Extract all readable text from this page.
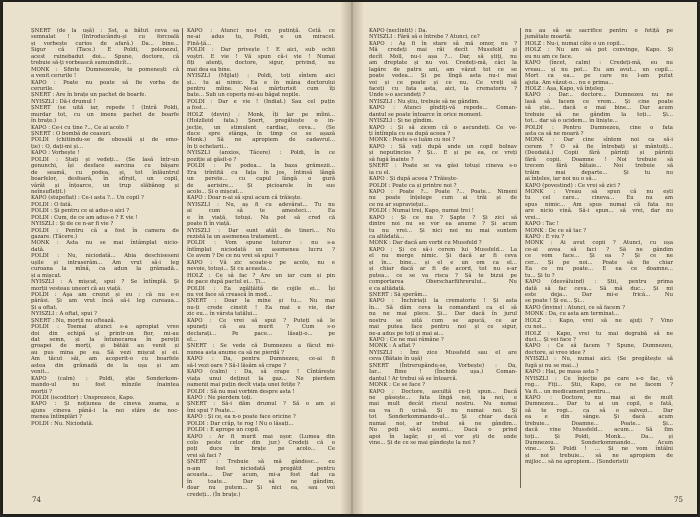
ȘNERT (de la ușă) : Sst, a bătut ceva sa
semnalat ! (Introducându-și cu forcoală
și vorbește curios de afară.) Da... bine...
Sigur că (Tace.) E Poldi, polonezul,
acest ruinebadut doi... Spune, doctore, că
trebuie să-ți vorbească sumuindicît...
MONK : Sfinte Dumnezeule, te pomenești că
a venit cerurile !
KAPO : Poate nu poate să fie vorba de
cerurile.
ȘNERT : Are în brațe un pachet de boarfe.
NYISZLI : Dă-i drumul !
ȘNERT (se uită iar, repede ! (Intră Poldi,
murdar tot, cu un imens pachet de boarfe
în brațe.)
KAPO : Ce-i cu tine ?... Ce ai acolo ?
ȘNERT : O bombă de ceasuri.
POLDI (chitiindu-se de obosală și de emo-
ție) : O, dați-mi și...
KAPO : Vorbește !
POLDI : Stați și vedeți... (Se lasă într-un
genunchi, își desface sarcina cu bășare
de seamă, cu podea, și, tot înlăuntrul
boarfelor, desfoară, în sfîrșit, un copil,
vârât și înțoarce, un trup slăbănog și
neînsuflețit.)
KAPO (stupefiat) : Ce-i asta ?... Un copil ?
POLDI : O fată.
POLDI : Și pentru ce ai adus-o aici ?
POLDI : Cum, de ce am adus-o ? E vie !
NYISZLI : Și de ce n-ar fi vie ?
POLDI : Pentru că a fost în camera de
gazare. (Tăcere.)
MONK : Asta nu se mai întâmplat nicio-
dată.
POLDI : Nu, niciodată... Abia deschiseseni
ușile și intraserăm... Am vrut să-i leg
curoana la mînă, ca adun la grămadă...
și a mișcat.
NYISZLI : A mișcat, spui ? Se întîmplă. Și
morții vesteau uneori că au viață.
POLDI : Aşa am crezut și eu : că nu e-o
pârăsi. Și am vrut încă să-i leg cureaua...
Și a oftat.
NYISZLI : A oftat, spui ?
ȘNERT : Nu, morții nu oftează.
POLDI : Toemai atunci s-a apropiat vreo
doi din echipă și printr-un fior, mi-au
dat semn, și la întunecarea în pereții
groapei de morți, și bătăii au venit și
au pus mina pe ea. Să vezi mișcat și ei.
Am tăcut săi, am acoperit-o cu boarfele
astea din grămadă de la ușa și am
venit...
KAPO (calm) : Poldi, știe Sonderkom-
mando-ul nu fost mînzile înaintea
morții ?
POLDI (iscoditor) : Unsprezece, Kapo.
KAPO : Și noțiunea de cineva zeama, a
ajuns cineva până-i la noi stăre de noc-
menea întîmplări ?
POLDI : Nu. Niciodată.
KAPO : Atunci nu-i co putință. Cetă ce
ne-ai adus tu, Poldi, e un miracol.
Fină-ță...
POLDI : Dar privește ! E aici, sub ochii
voștri. E vie ! Vă spun că-i vie ! Numai
fiți atenți, doctore, sigur, privind, nu
mai dea ea bine.
NYISZLI (Mijlat) : Poldi, toți sîntem aici
și... tu ai nimic. Ea e în mâna doctorului
pentru mîine. Ne-ai mărturisit cum îți
bate... Sub un coperiș mi-au băgat nopile.
POLDI : Dar e vie ! (Indiat.) Sau cel puțin
a fost...
HOLZ (devin) : Monk, îți lar pe mîini...
(Holzlleid fata.) Șnert, pregătește o in-
jecție, un stimulent cardiac, ceva... (Se
duce spre stânga, în timp ce se așază
Monk.) Să ne apropiem de cadavrul...
în ți ochelarii...
NYISZLI (anxios, Tăcere) : Poldi, în ce
poziție ai găsit-o ?
POLDI : Pe podea... la baza grămezii...
Era trîntită cu fața în jos, întinsă lângă
un perete... cu capul lângă o gură
de aerisire... Și picioarele în sus
acolo... Și o mișcat...
KAPO : Doar n-ai să spui acum că trăiește.
NYISZLI : Nu, aș fi cu adevărat... Tu nu
ai cum să te amesteci... Ea
e în viață, totuși. Nu pot să cred că
poate fi în viață.
NYISZLI : Dar sunt atât de tineri... Nu
rezistă la un asemenea tratament...
POLDI : Vom spune tuturor : nu s-a
întîmplat niciodată un asemenea lucru ?
Ce avem ? De ce nu vrei să spui ?
KAPO : Vă zic scoate-o pe acolo, nu e
nevoie, totuși... Și cu aceasta...
HOLZ : Ce să fac ? Are un iar cum și pin
de pace după pactul ei... Ți...
POLDI : Ea zgâlțâită de cojile ei... Își
nu voi face să crească în mod...
ȘNERT : Doar la mine și tu... Nu mai
nu-ți crede cinstit ! Ea mai e vie, dar
zic eu... în vârsta tatălui...
KAPO : Ce vrei să spui ? Puteți să le
spuneți că au murit ? Cum s-o
declarați... Pe pace... lăsați-o... pe
el...
ȘNERT : Se vede că Dumnezeu a făcut mi-
nunea asta anume ca să ne pierdă ?
KAPO : Da, pentru Dumnezeu, ce-ai fi
să-l vezi oare ? Să-l lăsăm să crape ?
KAPO (calm) : Da, să crape ! Cîntărește
viața unui deținut la gaz... Ne pierdem
oamenii mai puțin decît viața unei fetițe ?
POLDI : Să nu mai vorbim despre asta !
KAPO : Ne pierdem toți.
ȘNERT : Să-i dăm drumul ? Să o am și
îmi spui ? Poate...
KAPO : Și ce, ea n-o poate face oricine ?
POLDI : Dar crăp, te rog ! Nu o lăsați...
POLDI : E aprope un copil.
KAPO : Ar fi murit mai ușor. (Lumea din
colo peste celor din jur.) Credeți că o
poți duce în brațe pe acolo... Ce
vrei să faci ?
ȘNERT : Trebuie să mă gândesc... eu
n-am fost niciodată pregătit pentru
aceasta... Dar acum, mi-a fost dat ca
în toate... Dar să ne gândim,
doar nu putem... Și nici ea, sau voi
credeți... (În brațe.)
74
KAPO (neclintit) : Da.
NYISZLI : Fără să o întrebe ? Atunci, ce?
KAPO : Aș fi în stare să mă omor, nu ?
Mă credeți mai răi decît Mussfeld și
decît Moll, nu-i așa ?... Dar, să știți, nu
am dreptate și nu voi. Credeți-mă, căci la
lagăre de patru ani, am văzut tot ce se
poate vedea... Și pe lîngă asta nu-i mai
voi și ce poate și ce nu. Ce vreți să
faceți cu fata asta, aici, la crematoriu ?
Unde s-o ascundeți ?
NYISZLI : Nu știu, trebuie să ne gândim.
KAPO : Atunci gîndiți-vă repede... Coman-
dantul se poate întoarce în orice moment.
NYISZLI : Și ne gîndim.
KAPO : Și să zicem că o ascundeți. Ce ve-
ți întîmpla cu ea după aceea ?
MONK : Poate s-o luăm cu noi ?
KAPO : Să vați după unde un copil bolnav
și neputincios ? Și... E și pe ea, ce vreți
să fugă înainte ?
ȘNERT : Poate se va găsi totuși cineva s-o
ia cu el.
KAPO : Și după aceea ? Trăiește-
POLDI : Poate ca și printre noi ?
KAPO : Poate ?... Poate ?... Poate... Nimeni
nu poate înțelege cum ai trăi și de
ce nu ar supraviețui...
POLDI : Numai trei, Kapo, numai trei !
KAPO : Și ce nu ? Șapte ? Și zici să
dintre noi nu se vor ea anume ? Și acum
tu nu vrei... Și nici noi nu mai suntem
ca altădată...
MONK : Dar dacă am vorbi cu Mussfeld ?
KAPO : Și ce să-i cerem lui Mussfeld... La
el nu merge nimic. Și dacă ar fi ceva
și în... bine... și el e un om ca el...
și chiar dacă ar fi de acord, tot nu s-ar
putea... ce se va risca ? Să te bizui pe
comportarea Oberscharführerului... Nu
e ca altădată.
ȘNERT : Să sperăm...
KAPO : Închiriați la crematoriu ! Și asta
în... Să dăm ceva la comandant ca el să
nu ne mai plece. Și... Dar dacă în jurul
nostru se uită cum se apucă, ce ar
mai putea face pentru noi și ce sigur,
ne-a adus pe toți și mai ai...
KAPO : Ce ne mai rămâne ?
MONK : A aflat ?
NYISZLI : Îmi zice Mussfeld sau el are
ceva (Bătaie în ușă)
ȘNERT (Întrerupându-se, Vorbește) : Da,
Iar... Bine ! (Închide ușa.) Coman-
dantul ! Ar trebui să se întoarcă.
MONK : Ce se face ?
KAPO : Doctore, ascultă ce-ți spun... Dacă
ne găsește... fata lîngă noi, la noi, e
mai mult decât riscul nostru. Nu numai
ea va fi ucisă. Și nu numai noi. Și
tot Sonderkommando-ul... Și chiar dacă
numai noi, ar trebui să ne gândim...
Nu poți să-ți asumi... Dacă o prind
apoi în lagăr, și el vor ști de unde
vine... Și de ce se mai gândește la noi ?
nu au să se sacrifice pentru o fetiță pe
jumătate moartă.
HOLZ : Nu-i, numai câte o un copil...
HOLZ : Nu am să pot convinge, Kapo. Și
eu nu am ce face.
KAPO (încet, calm) : Credeți-mă, eu nu
vreau... și nu pot... Eu am avut... un copil...
Mort ca ea... pe care nu l-am putut
ajuta. Am văzut-o... nu e prima...
HOLZ : Așa, Kapo, vă înțeleg.
KAPO : Dar... doctore... Dumnezeu nu ne
lasă să facem ce vrem... Și cine poate
să știe... dacă e mai bine... Dar acum
trebuie să ne gândim la toți... Și...
tot... dar să o ucidem... în liniște...
POLDI : Pentru Dumnezeu, cine o fata
asta ca să ne moară ?
MONK : Dar cine sîntem noi ca să-i
cerem ? O să fie întrebați și mântuiți...
(Deodată.) Copii fără părinți și părinți
fără copii. Doamne ! Noi trebuie să
trecem fără bătaie... Noi trebuie să
trăim mai departe... Și tu nu
ai înțeles, iar noi nu o să...
KAPO (povestind) : Ce vrei să zici ?
MONK : Vreau să spun că nu ești
tu cel care... cineva... Eu nu am
spus nimic... Am spus numai că fata nu
are nicio vină. Să-i spun... să vrei, dar nu
vrei...
KAPO : Tac !
MONK : De ce să tac ?
KAPO : E viu ?
MONK : Ai avut copii ? Atunci, cu ușa
ce-ai avea să faci ? Să ne gândim
ce vom face... Și ea ? Și ce ne
cer... Și pe noi... Poate să fie chiar
Ea ce nu poate... E ea ce doamne...
tu... Și tu ?
KAPO (desvăluind) : Știi, pentru prima
dată să fac ceva... Să mă duc... Și mi
este deja... Dar mi-e frică... Nu
se poate ! Și eu... Și...
KAPO (învins) : Atunci, ce să facem ?
MONK : Da, cu asta am terminat...
HOLZ : Kapo, vrei să ne ajuți ? Vino
cu noi...
HOLZ : Kapo, vrei tu mai degrabă să ne
duci... Și vei face ?
KAPO : Ce să facem ? Spune, Dumnezeu,
doctore, ai vreo idee ?
NYISZLI : Nu, numai aici. (Se pregătește să
fugă și nu se mai...)
KAPO : Hai, pe masa asta ?
NYISZLI : Ce înjecție pe care s-o fac, vă
rog... Fiți... Știi, Kapo, ce ne facem ?
Va fi... un medicament pentru...
KAPO : Doctore, nu mai ai de mult
Dumnezeu... Dar tu ai un copil, o fată,
să te rogi... ca să o salvezi... Dar
ea e din sânge. Și dacă acum
trebuie... Doamne... Poate... Și...
dacă vine Mussfeld... acum... Să fim
toți... Și Poldi, Monk... Da... și
Dumnezeu... Sonderkommando... Acum
vine... Și Poldi ! ... Și ne vom întâlni
și noi trebuie... să ne apropiem de
mijloc... să ne apropiem... (Sonderistii
75
